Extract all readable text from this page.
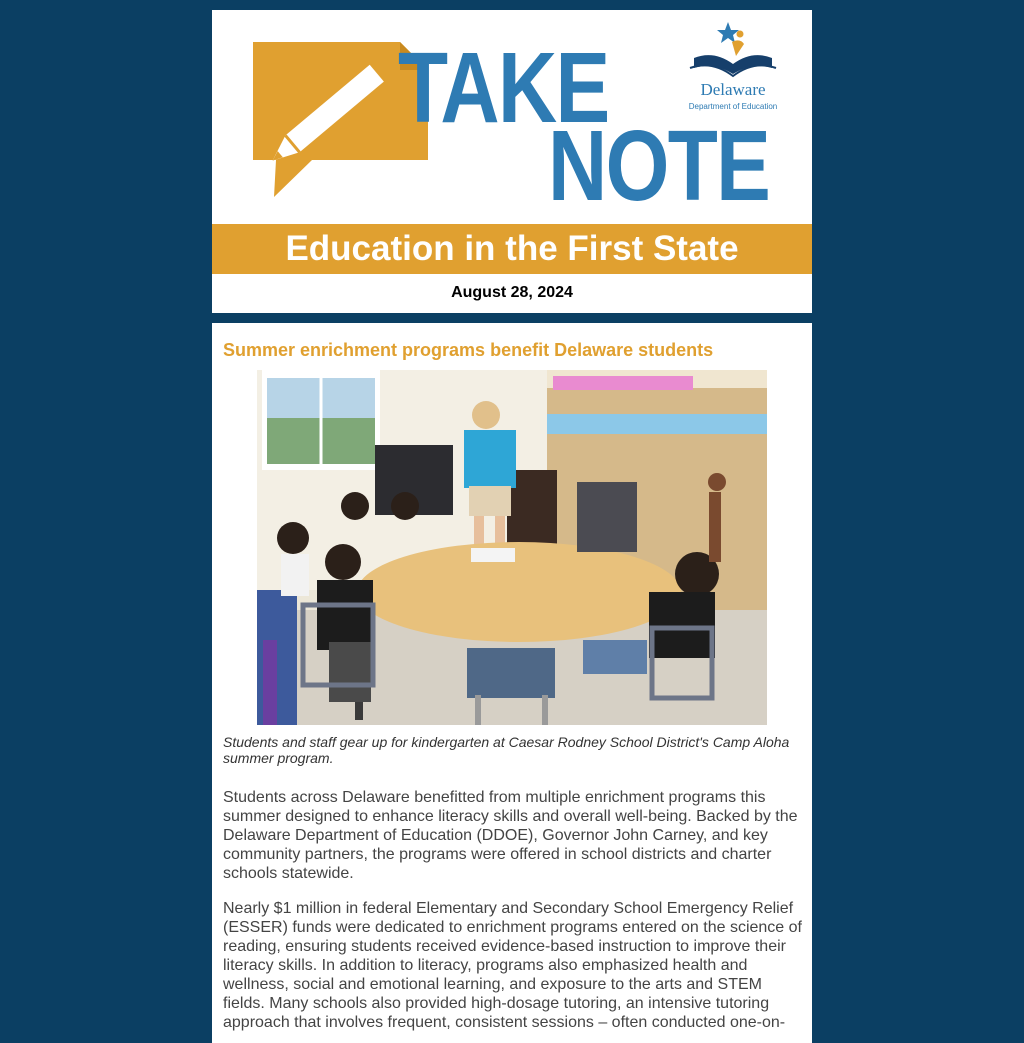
TAKE
NOTE
Delaware
Department of Education
Education in the First State
August 28, 2024
Summer enrichment programs benefit Delaware students

Students and staff gear up for kindergarten at Caesar Rodney School District's Camp Aloha summer program.

Students across Delaware benefitted from multiple enrichment programs this summer designed to enhance literacy skills and overall well-being. Backed by the Delaware Department of Education (DDOE), Governor John Carney, and key community partners, the programs were offered in school districts and charter schools statewide.

Nearly $1 million in federal Elementary and Secondary School Emergency Relief (ESSER) funds were dedicated to enrichment programs entered on the science of reading, ensuring students received evidence-based instruction to improve their literacy skills. In addition to literacy, programs also emphasized health and wellness, social and emotional learning, and exposure to the arts and STEM fields. Many schools also provided high-dosage tutoring, an intensive tutoring approach that involves frequent, consistent sessions – often conducted one-on-
